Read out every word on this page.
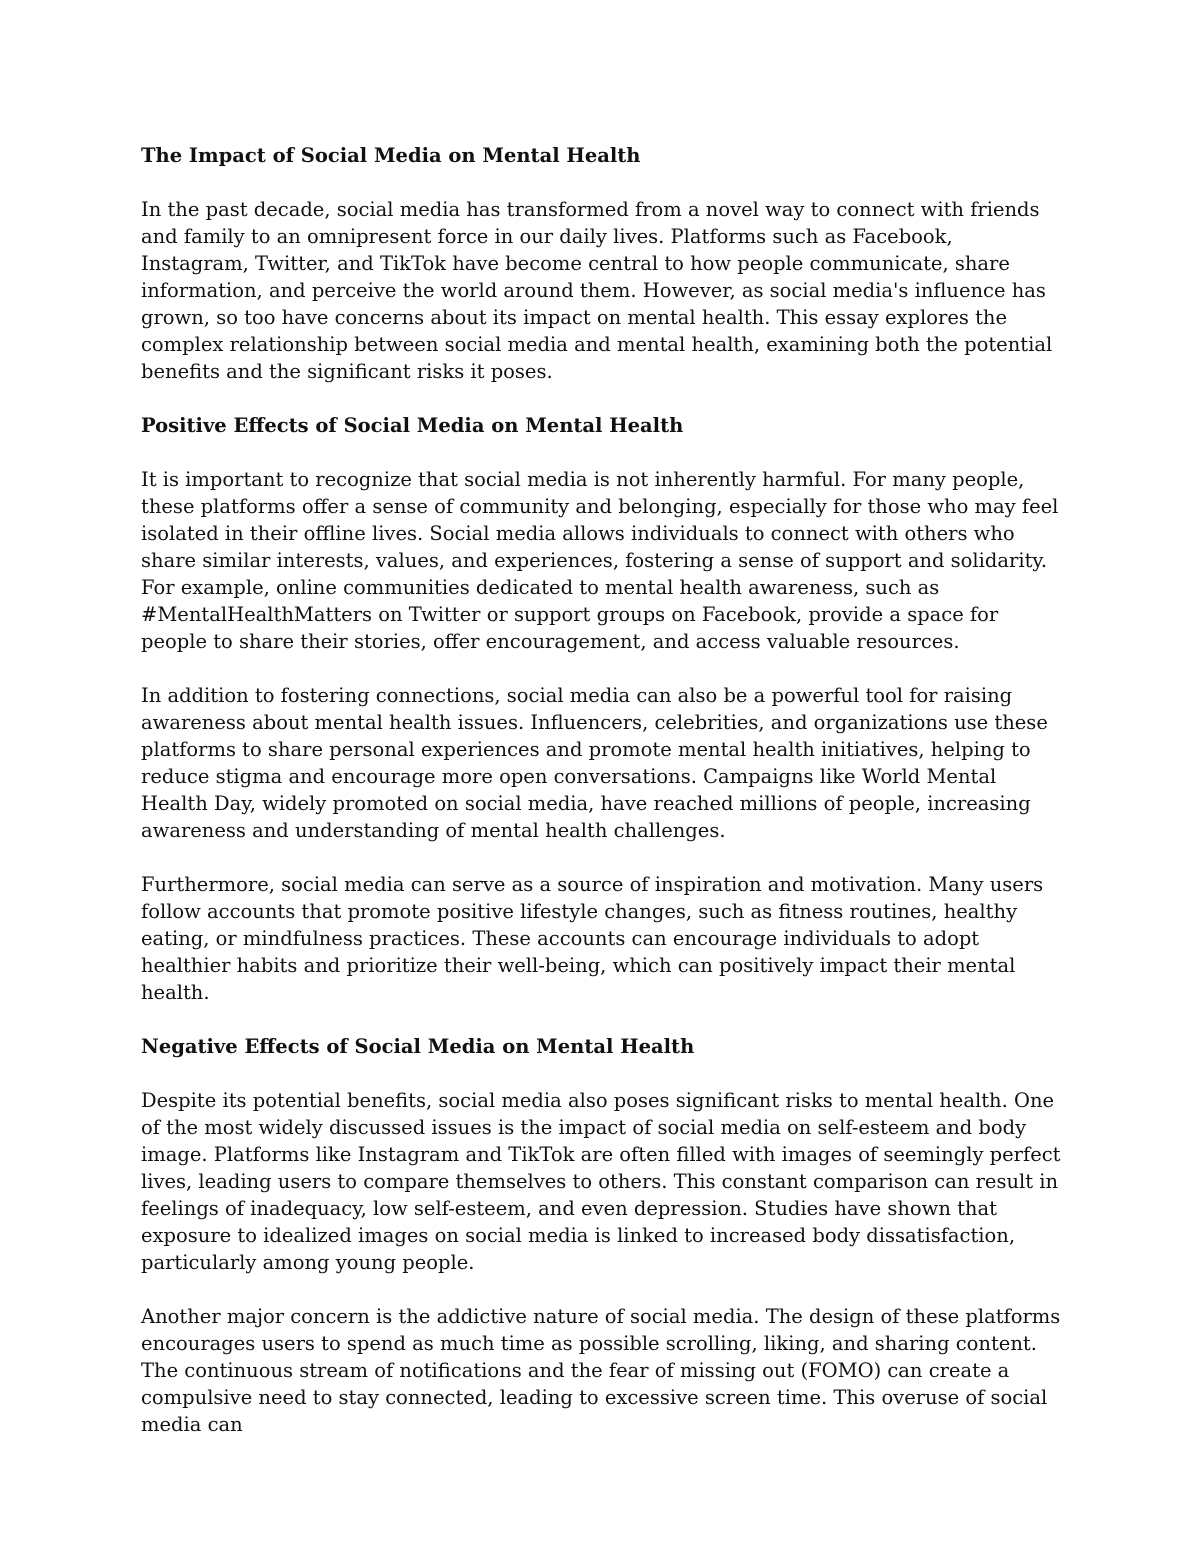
The Impact of Social Media on Mental Health

In the past decade, social media has transformed from a novel way to connect with friends and family to an omnipresent force in our daily lives. Platforms such as Facebook, Instagram, Twitter, and TikTok have become central to how people communicate, share information, and perceive the world around them. However, as social media's influence has grown, so too have concerns about its impact on mental health. This essay explores the complex relationship between social media and mental health, examining both the potential benefits and the significant risks it poses.

Positive Effects of Social Media on Mental Health

It is important to recognize that social media is not inherently harmful. For many people, these platforms offer a sense of community and belonging, especially for those who may feel isolated in their offline lives. Social media allows individuals to connect with others who share similar interests, values, and experiences, fostering a sense of support and solidarity. For example, online communities dedicated to mental health awareness, such as #MentalHealthMatters on Twitter or support groups on Facebook, provide a space for people to share their stories, offer encouragement, and access valuable resources.

In addition to fostering connections, social media can also be a powerful tool for raising awareness about mental health issues. Influencers, celebrities, and organizations use these platforms to share personal experiences and promote mental health initiatives, helping to reduce stigma and encourage more open conversations. Campaigns like World Mental Health Day, widely promoted on social media, have reached millions of people, increasing awareness and understanding of mental health challenges.

Furthermore, social media can serve as a source of inspiration and motivation. Many users follow accounts that promote positive lifestyle changes, such as fitness routines, healthy eating, or mindfulness practices. These accounts can encourage individuals to adopt healthier habits and prioritize their well-being, which can positively impact their mental health.

Negative Effects of Social Media on Mental Health

Despite its potential benefits, social media also poses significant risks to mental health. One of the most widely discussed issues is the impact of social media on self-esteem and body image. Platforms like Instagram and TikTok are often filled with images of seemingly perfect lives, leading users to compare themselves to others. This constant comparison can result in feelings of inadequacy, low self-esteem, and even depression. Studies have shown that exposure to idealized images on social media is linked to increased body dissatisfaction, particularly among young people.

Another major concern is the addictive nature of social media. The design of these platforms encourages users to spend as much time as possible scrolling, liking, and sharing content. The continuous stream of notifications and the fear of missing out (FOMO) can create a compulsive need to stay connected, leading to excessive screen time. This overuse of social media can
